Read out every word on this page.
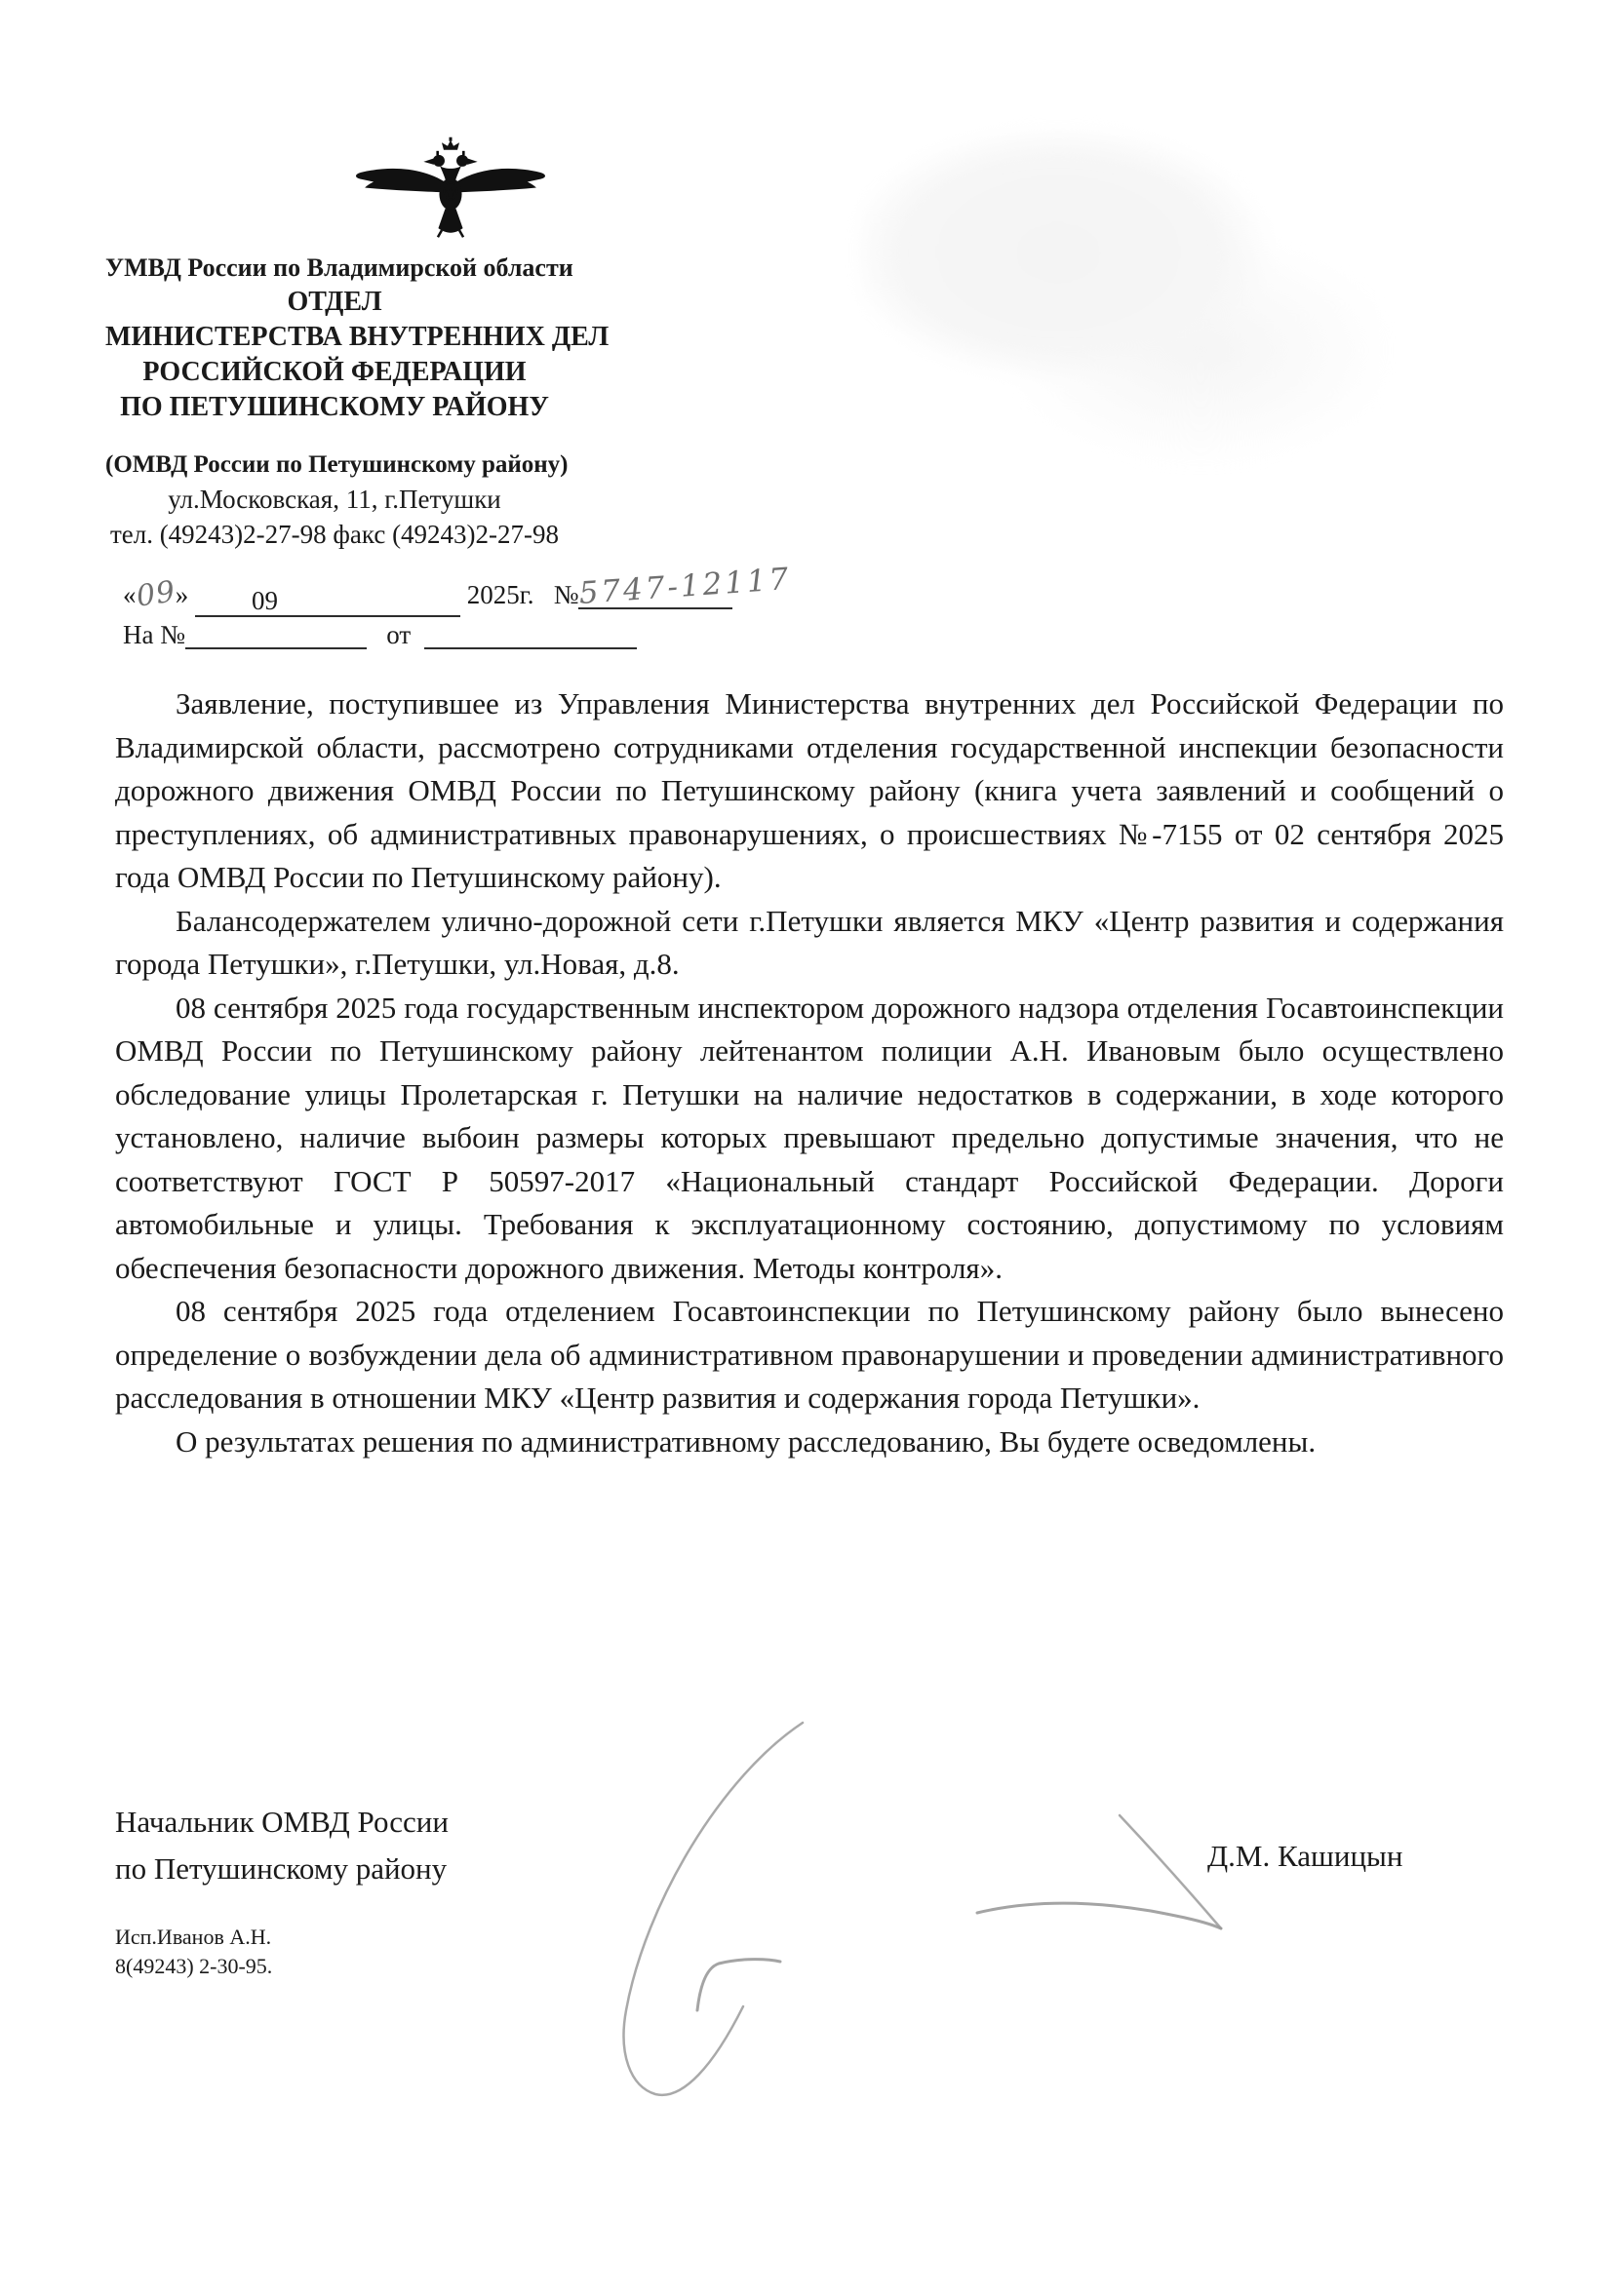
УМВД России по Владимирской области
ОТДЕЛ
МИНИСТЕРСТВА ВНУТРЕННИХ ДЕЛ
РОССИЙСКОЙ ФЕДЕРАЦИИ
ПО ПЕТУШИНСКОМУ РАЙОНУ
(ОМВД России по Петушинскому району)
ул.Московская, 11, г.Петушки
тел. (49243)2-27-98 факс (49243)2-27-98
«09» 09	2025г. № 5747-12117
На №	от

Заявление, поступившее из Управления Министерства внутренних дел Российской Федерации по Владимирской области, рассмотрено сотрудниками отделения государственной инспекции безопасности дорожного движения ОМВД России по Петушинскому району (книга учета заявлений и сообщений о преступлениях, об административных правонарушениях, о происшествиях №-7155 от 02 сентября 2025 года ОМВД России по Петушинскому району).

Балансодержателем улично-дорожной сети г.Петушки является МКУ «Центр развития и содержания города Петушки», г.Петушки, ул.Новая, д.8.

08 сентября 2025 года государственным инспектором дорожного надзора отделения Госавтоинспекции ОМВД России по Петушинскому району лейтенантом полиции А.Н. Ивановым было осуществлено обследование улицы Пролетарская г. Петушки на наличие недостатков в содержании, в ходе которого установлено, наличие выбоин размеры которых превышают предельно допустимые значения, что не соответствуют ГОСТ Р 50597-2017 «Национальный стандарт Российской Федерации. Дороги автомобильные и улицы. Требования к эксплуатационному состоянию, допустимому по условиям обеспечения безопасности дорожного движения. Методы контроля».

08 сентября 2025 года отделением Госавтоинспекции по Петушинскому району было вынесено определение о возбуждении дела об административном правонарушении и проведении административного расследования в отношении МКУ «Центр развития и содержания города Петушки».

О результатах решения по административному расследованию, Вы будете осведомлены.

Начальник ОМВД России
по Петушинскому району	Д.М. Кашицын
Исп.Иванов А.Н.
8(49243) 2-30-95.
